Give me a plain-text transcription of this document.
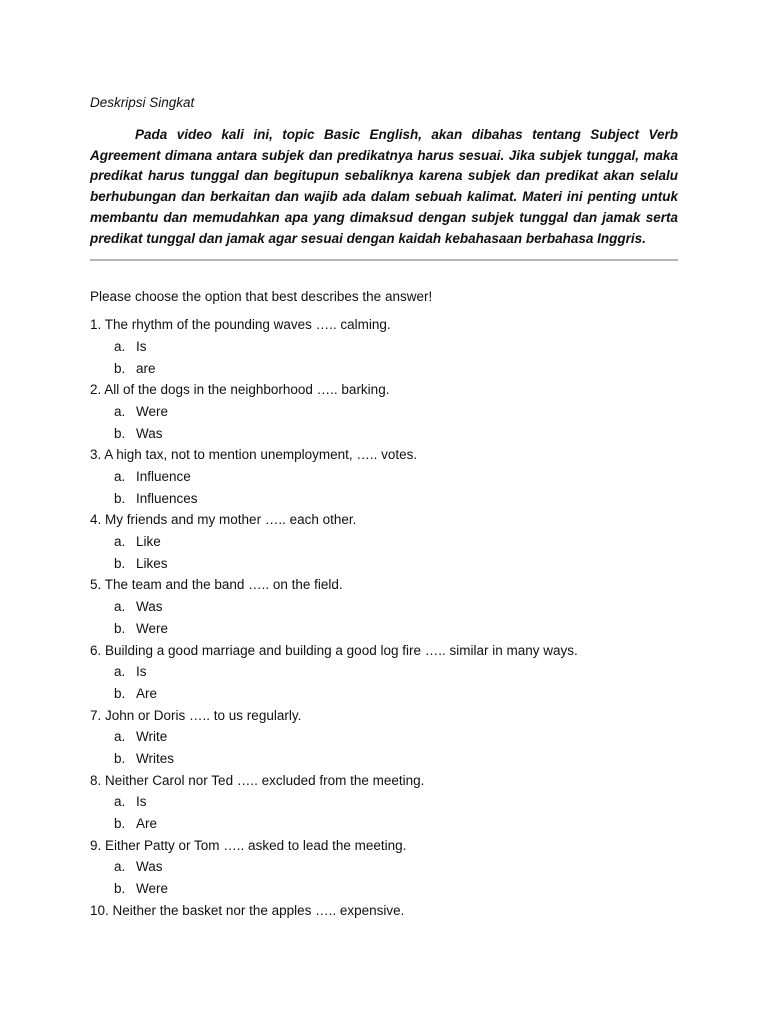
Deskripsi Singkat

Pada video kali ini, topic Basic English, akan dibahas tentang Subject Verb Agreement dimana antara subjek dan predikatnya harus sesuai. Jika subjek tunggal, maka predikat harus tunggal dan begitupun sebaliknya karena subjek dan predikat akan selalu berhubungan dan berkaitan dan wajib ada dalam sebuah kalimat. Materi ini penting untuk membantu dan memudahkan apa yang dimaksud dengan subjek tunggal dan jamak serta predikat tunggal dan jamak agar sesuai dengan kaidah kebahasaan berbahasa Inggris.

Please choose the option that best describes the answer!
1. The rhythm of the pounding waves ….. calming.
a. Is
b. are
2. All of the dogs in the neighborhood ….. barking.
a. Were
b. Was
3. A high tax, not to mention unemployment, ….. votes.
a. Influence
b. Influences
4. My friends and my mother ….. each other.
a. Like
b. Likes
5. The team and the band ….. on the field.
a. Was
b. Were
6. Building a good marriage and building a good log fire ….. similar in many ways.
a. Is
b. Are
7. John or Doris ….. to us regularly.
a. Write
b. Writes
8. Neither Carol nor Ted ….. excluded from the meeting.
a. Is
b. Are
9. Either Patty or Tom ….. asked to lead the meeting.
a. Was
b. Were
10. Neither the basket nor the apples ….. expensive.
